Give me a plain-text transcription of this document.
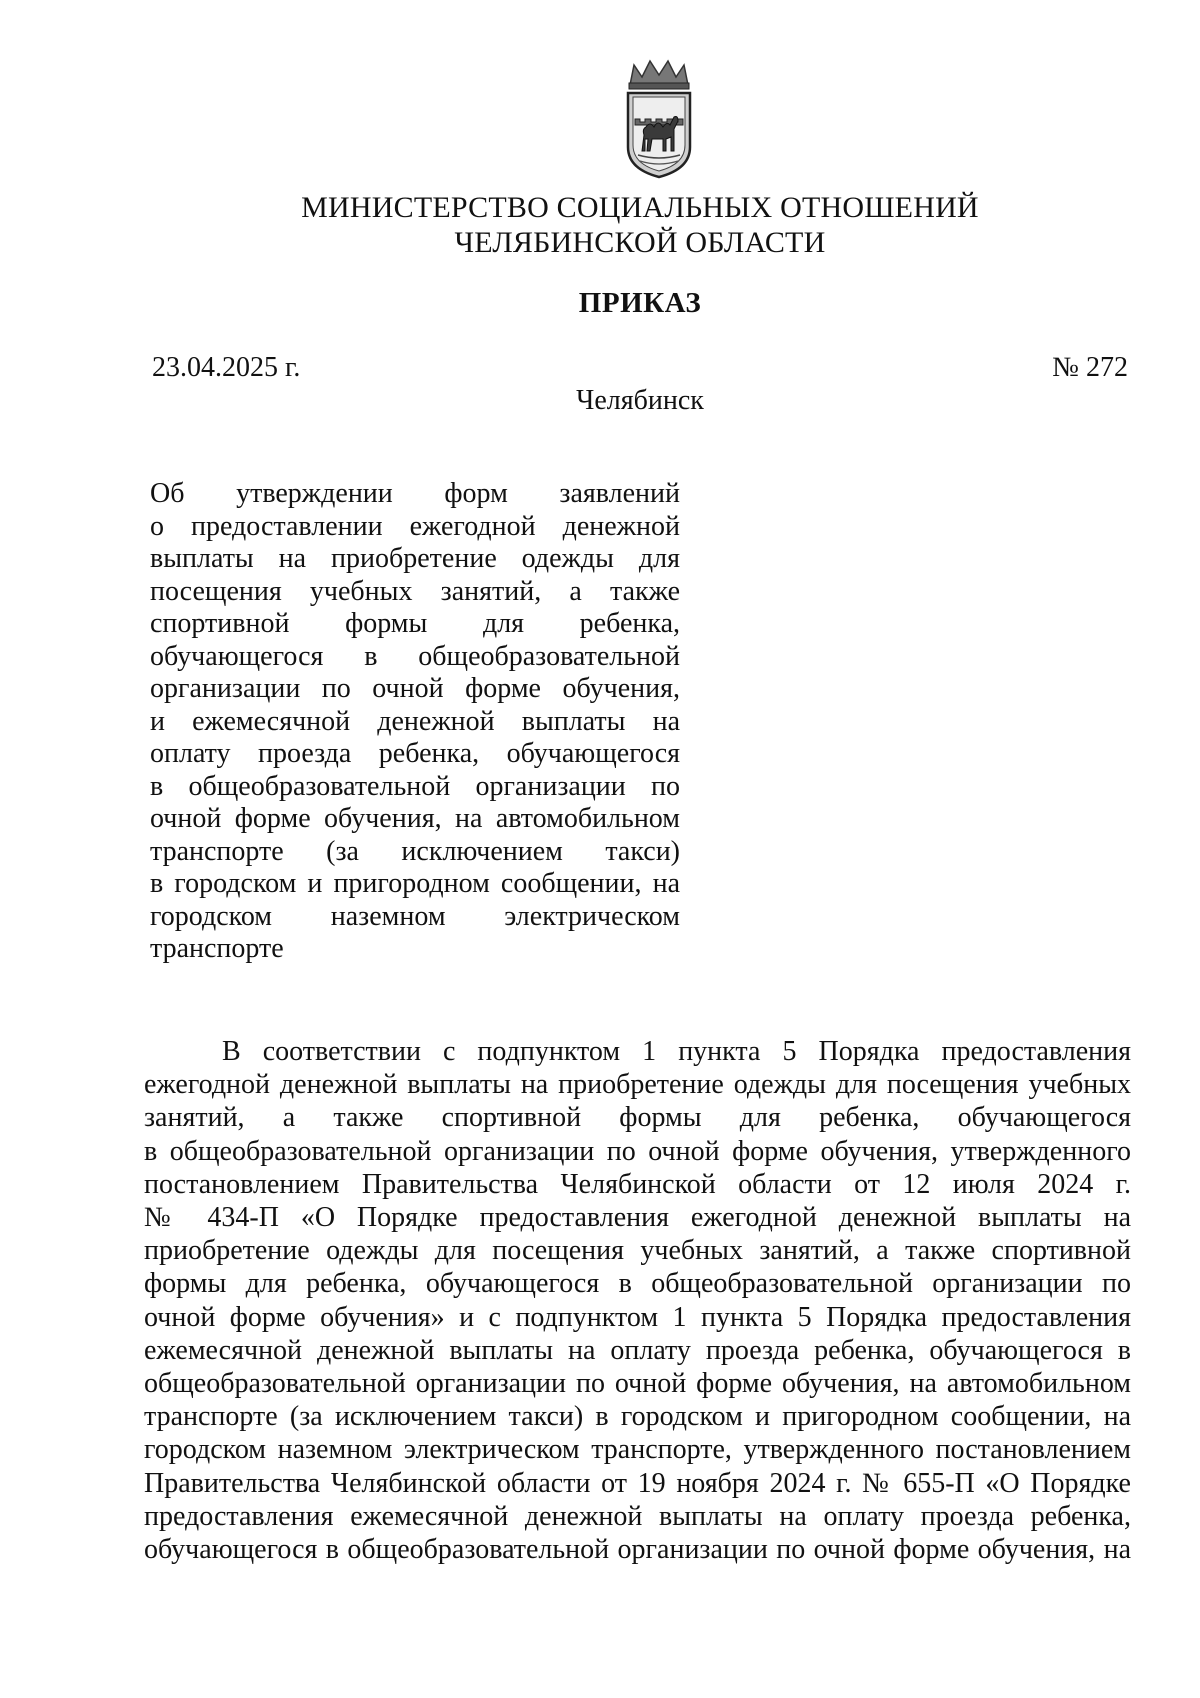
МИНИСТЕРСТВО СОЦИАЛЬНЫХ ОТНОШЕНИЙ
ЧЕЛЯБИНСКОЙ ОБЛАСТИ
ПРИКАЗ
23.04.2025 г.	№ 272
Челябинск
Об утверждении форм заявлений
о предоставлении ежегодной денежной
выплаты на приобретение одежды для
посещения учебных занятий, а также
спортивной формы для ребенка,
обучающегося в общеобразовательной
организации по очной форме обучения,
и ежемесячной денежной выплаты на
оплату проезда ребенка, обучающегося
в общеобразовательной организации по
очной форме обучения, на автомобильном
транспорте (за исключением такси)
в городском и пригородном сообщении, на
городском наземном электрическом
транспорте
В соответствии с подпунктом 1 пункта 5 Порядка предоставления
ежегодной денежной выплаты на приобретение одежды для посещения учебных
занятий, а также спортивной формы для ребенка, обучающегося
в общеобразовательной организации по очной форме обучения, утвержденного
постановлением Правительства Челябинской области от 12 июля 2024 г.
№ 434-П «О Порядке предоставления ежегодной денежной выплаты на
приобретение одежды для посещения учебных занятий, а также спортивной
формы для ребенка, обучающегося в общеобразовательной организации по
очной форме обучения» и с подпунктом 1 пункта 5 Порядка предоставления
ежемесячной денежной выплаты на оплату проезда ребенка, обучающегося в
общеобразовательной организации по очной форме обучения, на автомобильном
транспорте (за исключением такси) в городском и пригородном сообщении, на
городском наземном электрическом транспорте, утвержденного постановлением
Правительства Челябинской области от 19 ноября 2024 г. № 655-П «О Порядке
предоставления ежемесячной денежной выплаты на оплату проезда ребенка,
обучающегося в общеобразовательной организации по очной форме обучения, на
